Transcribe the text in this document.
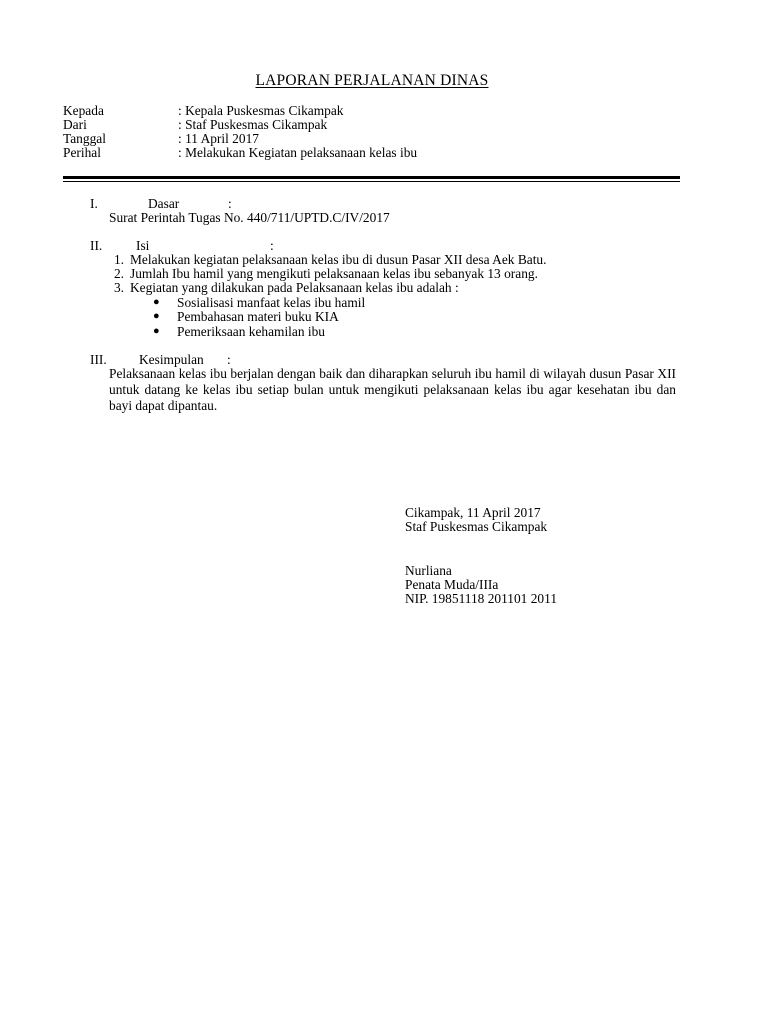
LAPORAN PERJALANAN DINAS
Kepada	: Kepala Puskesmas Cikampak
Dari	: Staf Puskesmas Cikampak
Tanggal	: 11 April 2017
Perihal	: Melakukan Kegiatan pelaksanaan kelas ibu
I.	Dasar	:
Surat Perintah Tugas No. 440/711/UPTD.C/IV/2017
II.	Isi	:
1. Melakukan kegiatan pelaksanaan kelas ibu di dusun Pasar XII desa Aek Batu.
2. Jumlah Ibu hamil yang mengikuti pelaksanaan kelas ibu sebanyak 13 orang.
3. Kegiatan yang dilakukan pada Pelaksanaan kelas ibu adalah :
● Sosialisasi manfaat kelas ibu hamil
● Pembahasan materi buku KIA
● Pemeriksaan kehamilan ibu
III. Kesimpulan :
Pelaksanaan kelas ibu berjalan dengan baik dan diharapkan seluruh ibu hamil di wilayah dusun Pasar XII untuk datang ke kelas ibu setiap bulan untuk mengikuti pelaksanaan kelas ibu agar kesehatan ibu dan bayi dapat dipantau.
Cikampak, 11 April 2017
Staf Puskesmas Cikampak
Nurliana
Penata Muda/IIIa
NIP. 19851118 201101 2011
